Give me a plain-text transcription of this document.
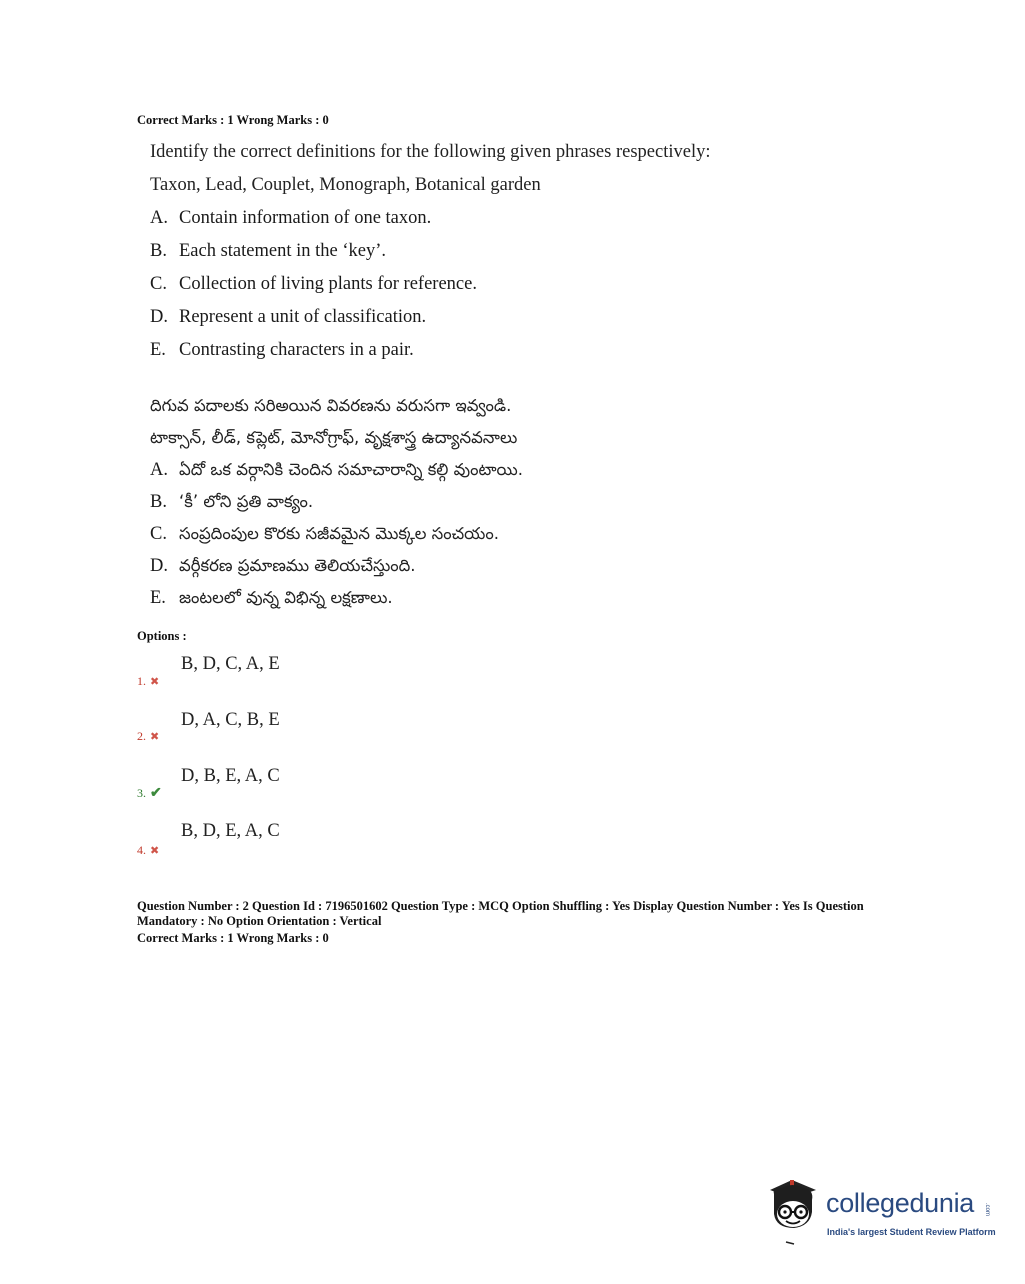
Correct Marks : 1 Wrong Marks : 0
Identify the correct definitions for the following given phrases respectively:
Taxon, Lead, Couplet, Monograph, Botanical garden
A. Contain information of one taxon.
B. Each statement in the ‘key’.
C. Collection of living plants for reference.
D. Represent a unit of classification.
E. Contrasting characters in a pair.
దిగువ పదాలకు సరిఅయిన వివరణను వరుసగా ఇవ్వండి.
టాక్సాన్, లీడ్, కప్లెట్, మోనోగ్రాఫ్, వృక్షశాస్త్ర ఉద్యానవనాలు
A. ఏదో ఒక వర్గానికి చెందిన సమాచారాన్ని కల్గి వుంటాయి.
B. ‘కీ’ లోని ప్రతి వాక్యం.
C. సంప్రదింపుల కొరకు సజీవమైన మొక్కల సంచయం.
D. వర్గీకరణ ప్రమాణము తెలియచేస్తుంది.
E. జంటలలో వున్న విభిన్న లక్షణాలు.
Options :
B, D, C, A, E
1. ✖
D, A, C, B, E
2. ✖
D, B, E, A, C
3. ✔
B, D, E, A, C
4. ✖
Question Number : 2 Question Id : 7196501602 Question Type : MCQ Option Shuffling : Yes Display Question Number : Yes Is Question
Mandatory : No Option Orientation : Vertical
Correct Marks : 1 Wrong Marks : 0
collegedunia .com
India's largest Student Review Platform
